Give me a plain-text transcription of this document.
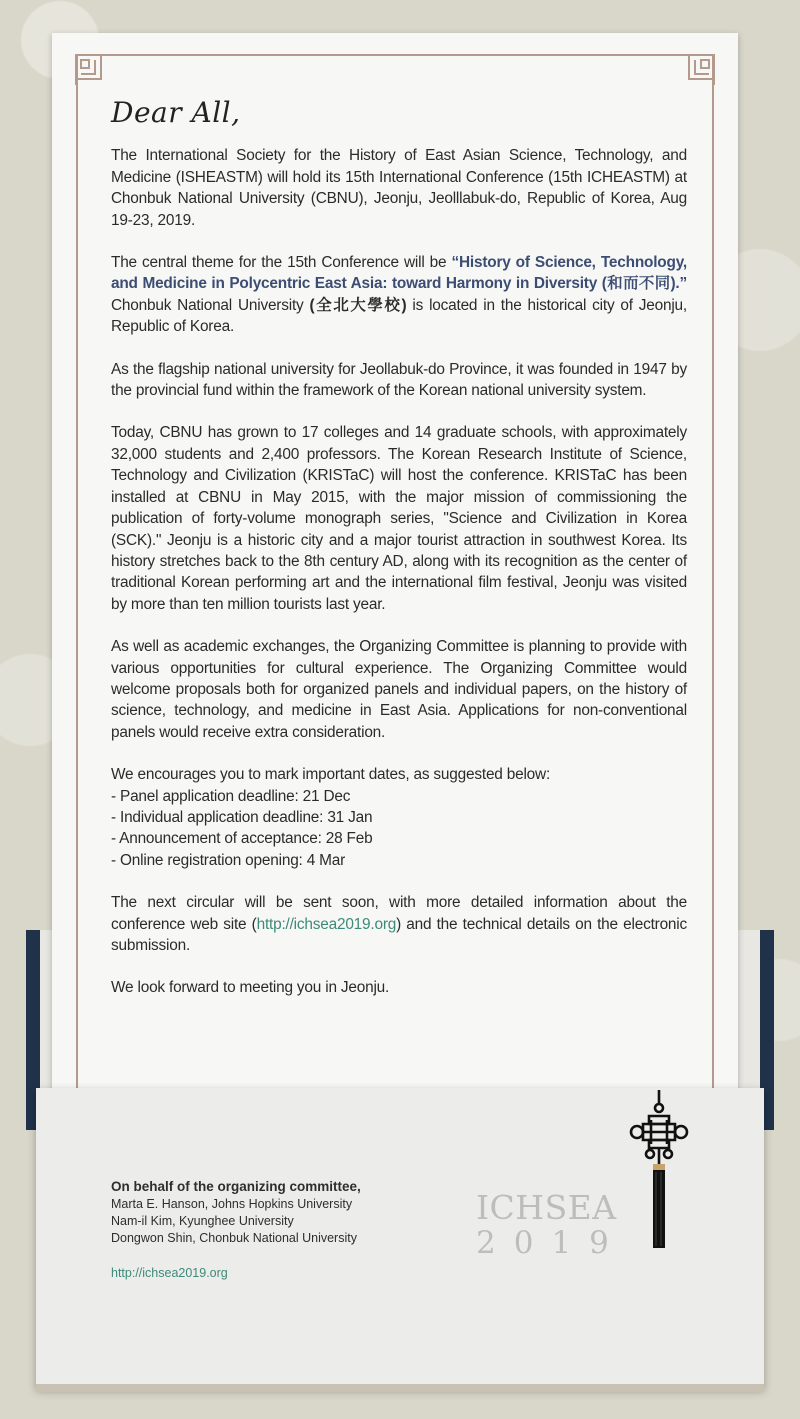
Dear All,

The International Society for the History of East Asian Science, Technology, and Medicine (ISHEASTM) will hold its 15th International Conference (15th ICHEASTM) at Chonbuk National University (CBNU), Jeonju, Jeolllabuk-do, Republic of Korea, Aug 19-23, 2019.

The central theme for the 15th Conference will be “History of Science, Technology, and Medicine in Polycentric East Asia: toward Harmony in Diversity (和而不同).” Chonbuk National University (全北大學校) is located in the historical city of Jeonju, Republic of Korea.

As the flagship national university for Jeollabuk-do Province, it was founded in 1947 by the provincial fund within the framework of the Korean national university system.

Today, CBNU has grown to 17 colleges and 14 graduate schools, with approximately 32,000 students and 2,400 professors. The Korean Research Institute of Science, Technology and Civilization (KRISTaC) will host the conference. KRISTaC has been installed at CBNU in May 2015, with the major mission of commissioning the publication of forty-volume monograph series, "Science and Civilization in Korea (SCK)." Jeonju is a historic city and a major tourist attraction in southwest Korea. Its history stretches back to the 8th century AD, along with its recognition as the center of traditional Korean performing art and the international film festival, Jeonju was visited by more than ten million tourists last year.

As well as academic exchanges, the Organizing Committee is planning to provide with various opportunities for cultural experience. The Organizing Committee would welcome proposals both for organized panels and individual papers, on the history of science, technology, and medicine in East Asia. Applications for non-conventional panels would receive extra consideration.

We encourages you to mark important dates, as suggested below:

- Panel application deadline: 21 Dec

- Individual application deadline: 31 Jan

- Announcement of acceptance: 28 Feb

- Online registration opening: 4 Mar

The next circular will be sent soon, with more detailed information about the conference web site (http://ichsea2019.org) and the technical details on the electronic submission.

We look forward to meeting you in Jeonju.

On behalf of the organizing committee,
Marta E. Hanson, Johns Hopkins University
Nam-il Kim, Kyunghee University
Dongwon Shin, Chonbuk National University
http://ichsea2019.org
ICHSEA
2019
